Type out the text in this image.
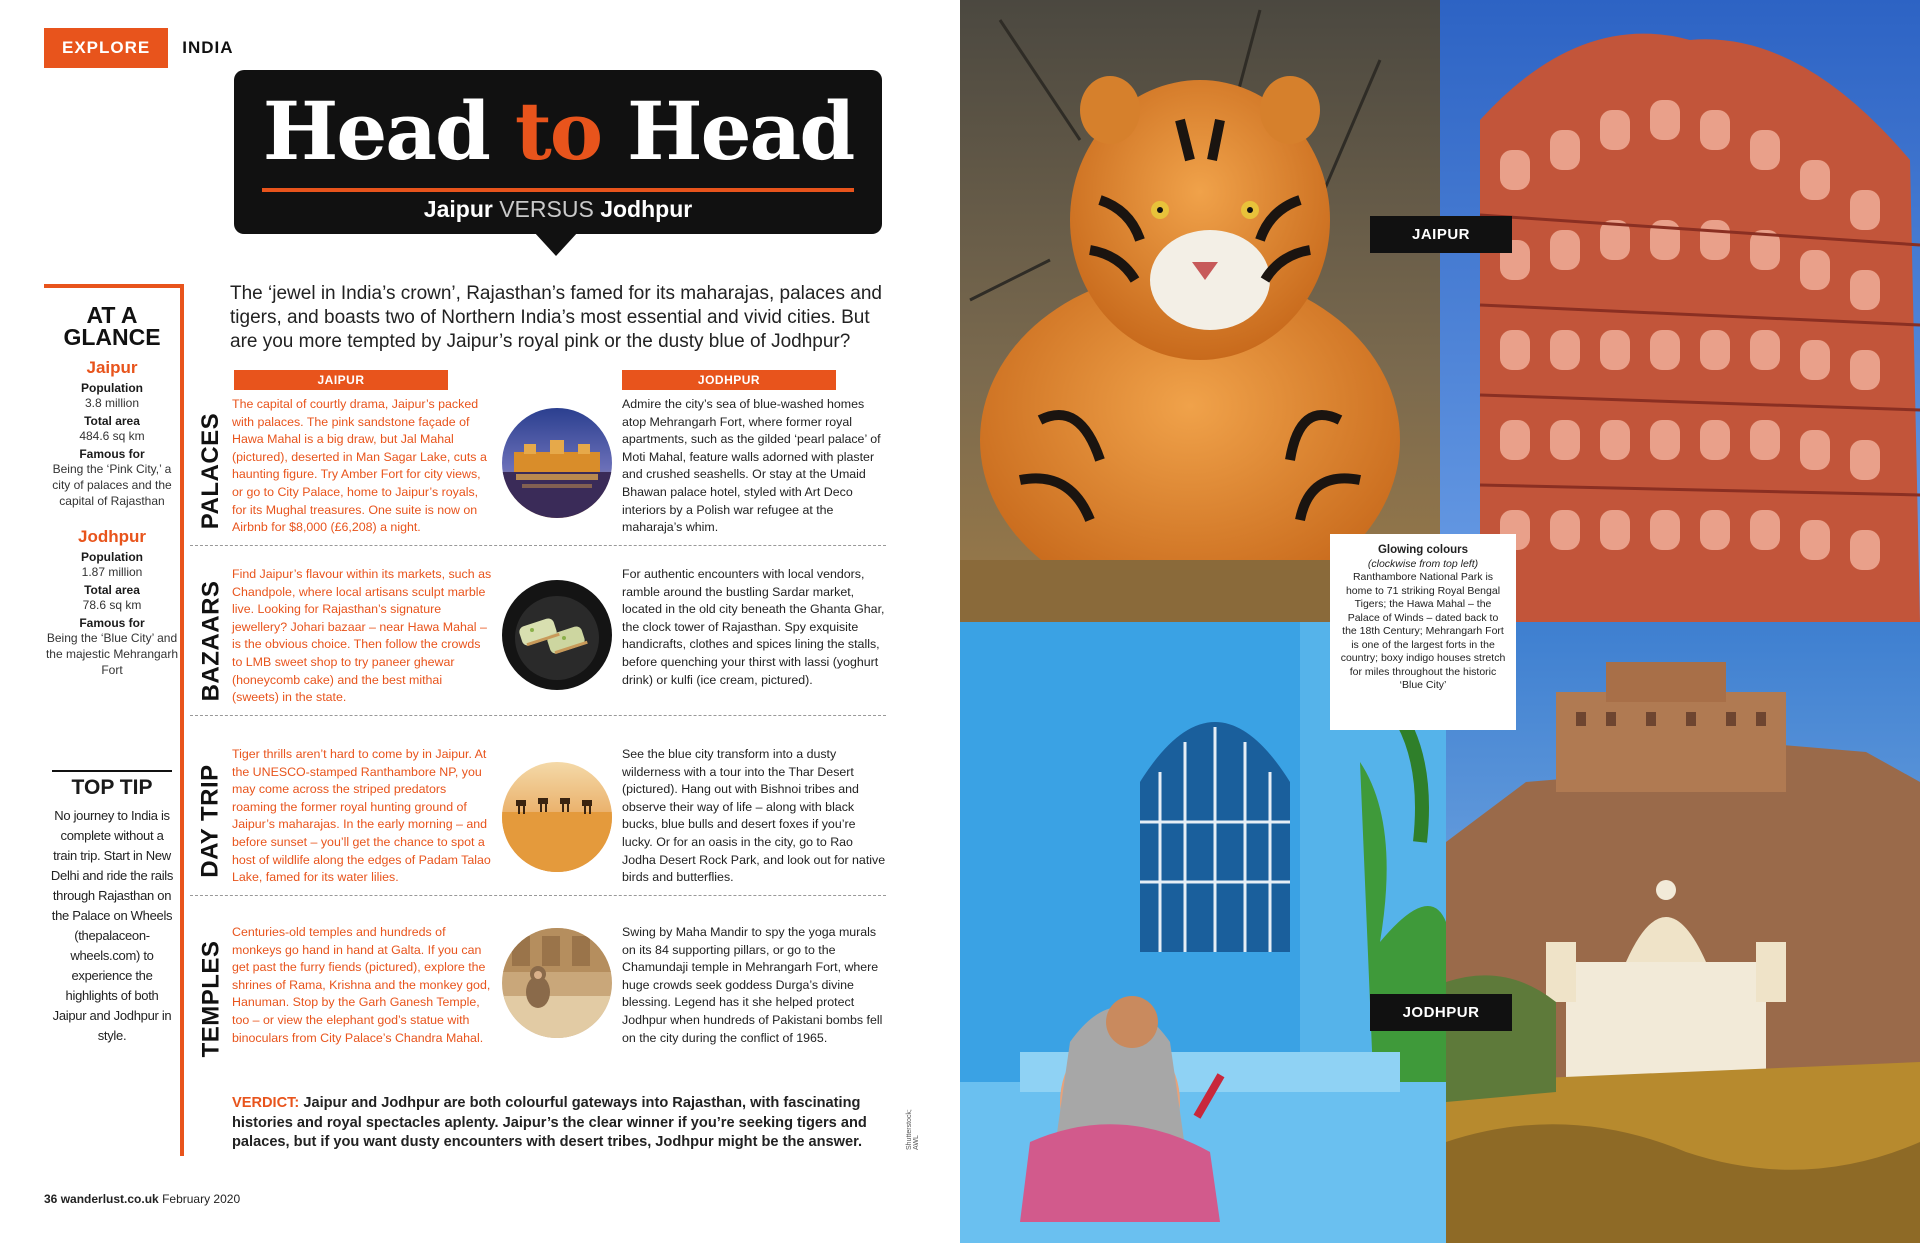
EXPLORE	INDIA
Head to Head
Jaipur VERSUS Jodhpur
The ‘jewel in India’s crown’, Rajasthan’s famed for its maharajas, palaces and tigers, and boasts two of Northern India’s most essential and vivid cities. But are you more tempted by Jaipur’s royal pink or the dusty blue of Jodhpur?
AT A
GLANCE
Jaipur
Population
3.8 million
Total area
484.6 sq km
Famous for
Being the ‘Pink City,’ a city of palaces and the capital of Rajasthan
Jodhpur
Population
1.87 million
Total area
78.6 sq km
Famous for
Being the ‘Blue City’ and the majestic Mehrangarh Fort
TOP TIP
No journey to India is complete without a train trip. Start in New Delhi and ride the rails through Rajasthan on the Palace on Wheels (thepalaceon-wheels.com) to experience the highlights of both Jaipur and Jodhpur in style.
JAIPUR	JODHPUR
PALACES
The capital of courtly drama, Jaipur’s packed with palaces. The pink sandstone façade of Hawa Mahal is a big draw, but Jal Mahal (pictured), deserted in Man Sagar Lake, cuts a haunting figure. Try Amber Fort for city views, or go to City Palace, home to Jaipur’s royals, for its Mughal treasures. One suite is now on Airbnb for $8,000 (£6,208) a night.
Admire the city’s sea of blue-washed homes atop Mehrangarh Fort, where former royal apartments, such as the gilded ‘pearl palace’ of Moti Mahal, feature walls adorned with plaster and crushed seashells. Or stay at the Umaid Bhawan palace hotel, styled with Art Deco interiors by a Polish war refugee at the maharaja’s whim.
BAZAARS
Find Jaipur’s flavour within its markets, such as Chandpole, where local artisans sculpt marble live. Looking for Rajasthan’s signature jewellery? Johari bazaar – near Hawa Mahal – is the obvious choice. Then follow the crowds to LMB sweet shop to try paneer ghewar (honeycomb cake) and the best mithai (sweets) in the state.
For authentic encounters with local vendors, ramble around the bustling Sardar market, located in the old city beneath the Ghanta Ghar, the clock tower of Rajasthan. Spy exquisite handicrafts, clothes and spices lining the stalls, before quenching your thirst with lassi (yoghurt drink) or kulfi (ice cream, pictured).
DAY TRIP
Tiger thrills aren’t hard to come by in Jaipur. At the UNESCO-stamped Ranthambore NP, you may come across the striped predators roaming the former royal hunting ground of Jaipur’s maharajas. In the early morning – and before sunset – you’ll get the chance to spot a host of wildlife along the edges of Padam Talao Lake, famed for its water lilies.
See the blue city transform into a dusty wilderness with a tour into the Thar Desert (pictured). Hang out with Bishnoi tribes and observe their way of life – along with black bucks, blue bulls and desert foxes if you’re lucky. Or for an oasis in the city, go to Rao Jodha Desert Rock Park, and look out for native birds and butterflies.
TEMPLES
Centuries-old temples and hundreds of monkeys go hand in hand at Galta. If you can get past the furry fiends (pictured), explore the shrines of Rama, Krishna and the monkey god, Hanuman. Stop by the Garh Ganesh Temple, too – or view the elephant god’s statue with binoculars from City Palace’s Chandra Mahal.
Swing by Maha Mandir to spy the yoga murals on its 84 supporting pillars, or go to the Chamundaji temple in Mehrangarh Fort, where huge crowds seek goddess Durga’s divine blessing. Legend has it she helped protect Jodhpur when hundreds of Pakistani bombs fell on the city during the conflict of 1965.
VERDICT: Jaipur and Jodhpur are both colourful gateways into Rajasthan, with fascinating histories and royal spectacles aplenty. Jaipur’s the clear winner if you’re seeking tigers and palaces, but if you want dusty encounters with desert tribes, Jodhpur might be the answer.
36 wanderlust.co.uk February 2020
Shutterstock; AWL
JAIPUR
JODHPUR
Glowing colours
(clockwise from top left)
Ranthambore National Park is home to 71 striking Royal Bengal Tigers; the Hawa Mahal – the Palace of Winds – dated back to the 18th Century; Mehrangarh Fort is one of the largest forts in the country; boxy indigo houses stretch for miles throughout the historic ‘Blue City’
